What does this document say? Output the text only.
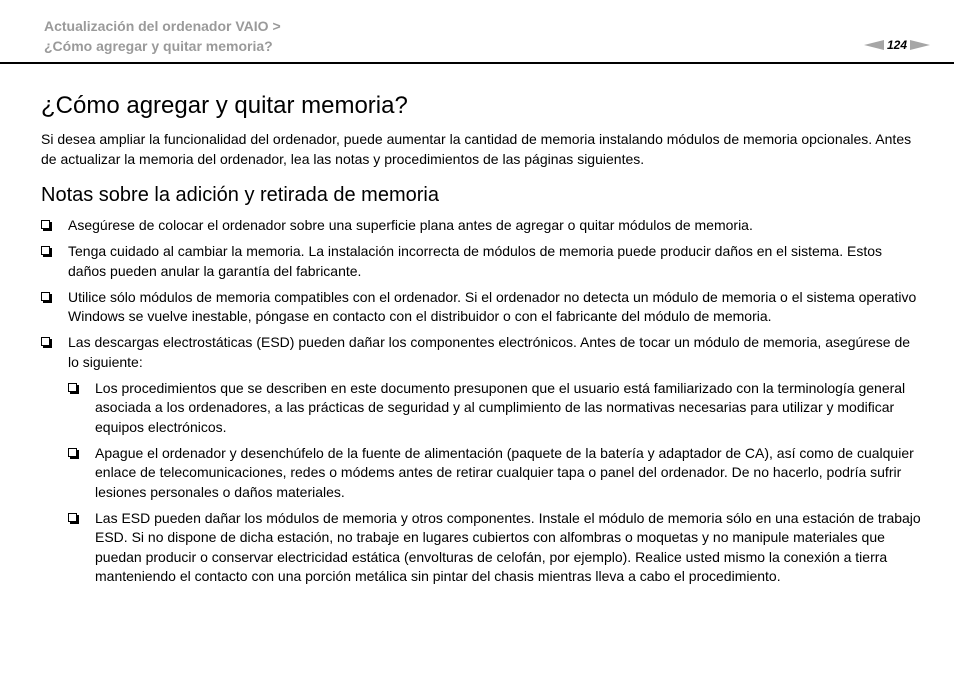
Actualización del ordenador VAIO >
¿Cómo agregar y quitar memoria?	124
¿Cómo agregar y quitar memoria?

Si desea ampliar la funcionalidad del ordenador, puede aumentar la cantidad de memoria instalando módulos de memoria opcionales. Antes de actualizar la memoria del ordenador, lea las notas y procedimientos de las páginas siguientes.

Notas sobre la adición y retirada de memoria
Asegúrese de colocar el ordenador sobre una superficie plana antes de agregar o quitar módulos de memoria.
Tenga cuidado al cambiar la memoria. La instalación incorrecta de módulos de memoria puede producir daños en el sistema. Estos daños pueden anular la garantía del fabricante.
Utilice sólo módulos de memoria compatibles con el ordenador. Si el ordenador no detecta un módulo de memoria o el sistema operativo Windows se vuelve inestable, póngase en contacto con el distribuidor o con el fabricante del módulo de memoria.
Las descargas electrostáticas (ESD) pueden dañar los componentes electrónicos. Antes de tocar un módulo de memoria, asegúrese de lo siguiente:
Los procedimientos que se describen en este documento presuponen que el usuario está familiarizado con la terminología general asociada a los ordenadores, a las prácticas de seguridad y al cumplimiento de las normativas necesarias para utilizar y modificar equipos electrónicos.
Apague el ordenador y desenchúfelo de la fuente de alimentación (paquete de la batería y adaptador de CA), así como de cualquier enlace de telecomunicaciones, redes o módems antes de retirar cualquier tapa o panel del ordenador. De no hacerlo, podría sufrir lesiones personales o daños materiales.
Las ESD pueden dañar los módulos de memoria y otros componentes. Instale el módulo de memoria sólo en una estación de trabajo ESD. Si no dispone de dicha estación, no trabaje en lugares cubiertos con alfombras o moquetas y no manipule materiales que puedan producir o conservar electricidad estática (envolturas de celofán, por ejemplo). Realice usted mismo la conexión a tierra manteniendo el contacto con una porción metálica sin pintar del chasis mientras lleva a cabo el procedimiento.
